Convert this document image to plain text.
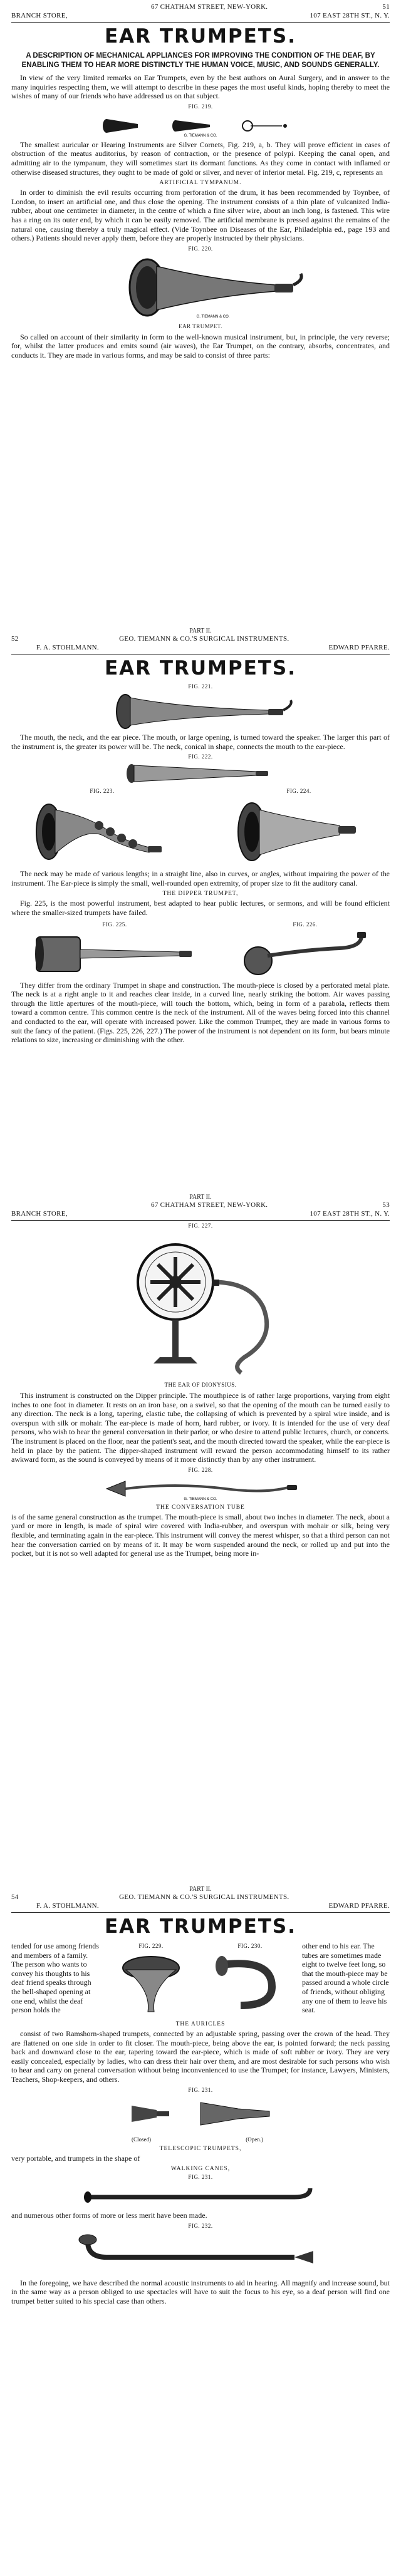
67 CHATHAM STREET, NEW-YORK.	51
BRANCH STORE,	107 EAST 28TH ST., N. Y.
EAR TRUMPETS.
A DESCRIPTION OF MECHANICAL APPLIANCES FOR IMPROVING THE CONDITION OF THE DEAF, BY ENABLING THEM TO HEAR MORE DISTINCTLY THE HUMAN VOICE, MUSIC, AND SOUNDS GENERALLY.

In view of the very limited remarks on Ear Trumpets, even by the best authors on Aural Surgery, and in answer to the many inquiries respecting them, we will attempt to describe in these pages the most useful kinds, hoping thereby to meet the wishes of many of our friends who have addressed us on that subject.

FIG. 219.
G. TIEMANN & CO.

The smallest auricular or Hearing Instruments are Silver Cornets, Fig. 219, a, b. They will prove efficient in cases of obstruction of the meatus auditorius, by reason of contraction, or the presence of polypi. Keeping the canal open, and admitting air to the tympanum, they will sometimes start its dormant functions. As they come in contact with inflamed or otherwise diseased structures, they ought to be made of gold or silver, and never of inferior metal. Fig. 219, c, represents an

ARTIFICIAL TYMPANUM.

In order to diminish the evil results occurring from perforation of the drum, it has been recommended by Toynbee, of London, to insert an artificial one, and thus close the opening. The instrument consists of a thin plate of vulcanized India-rubber, about one centimeter in diameter, in the centre of which a fine silver wire, about an inch long, is fastened. This wire has a ring on its outer end, by which it can be easily removed. The artificial membrane is pressed against the remains of the natural one, causing thereby a truly magical effect. (Vide Toynbee on Diseases of the Ear, Philadelphia ed., page 193 and others.) Patients should never apply them, before they are properly instructed by their physicians.

FIG. 220.
G. TIEMANN & CO.
EAR TRUMPET.

So called on account of their similarity in form to the well-known musical instrument, but, in principle, the very reverse; for, whilst the latter produces and emits sound (air waves), the Ear Trumpet, on the contrary, absorbs, concentrates, and conducts it. They are made in various forms, and may be said to consist of three parts:

PART II.
52	GEO. TIEMANN & CO.'S SURGICAL INSTRUMENTS.
F. A. STOHLMANN.	EDWARD PFARRE.
EAR TRUMPETS.
FIG. 221.

The mouth, the neck, and the ear piece. The mouth, or large opening, is turned toward the speaker. The larger this part of the instrument is, the greater its power will be. The neck, conical in shape, connects the mouth to the ear-piece.

FIG. 222.
FIG. 223.	FIG. 224.

The neck may be made of various lengths; in a straight line, also in curves, or angles, without impairing the power of the instrument. The Ear-piece is simply the small, well-rounded open extremity, of proper size to fit the auditory canal.

THE DIPPER TRUMPET,

Fig. 225, is the most powerful instrument, best adapted to hear public lectures, or sermons, and will be found efficient where the smaller-sized trumpets have failed.

FIG. 225.	FIG. 226.

They differ from the ordinary Trumpet in shape and construction. The mouth-piece is closed by a perforated metal plate. The neck is at a right angle to it and reaches clear inside, in a curved line, nearly striking the bottom. Air waves passing through the little apertures of the mouth-piece, will touch the bottom, which, being in form of a parabola, reflects them toward a common centre. This common centre is the neck of the instrument. All of the waves being forced into this channel and conducted to the ear, will operate with increased power. Like the common Trumpet, they are made in various forms to suit the fancy of the patient. (Figs. 225, 226, 227.) The power of the instrument is not dependent on its form, but bears minute relations to size, increasing or diminishing with the other.

PART II.
67 CHATHAM STREET, NEW-YORK.	53
BRANCH STORE,	107 EAST 28TH ST., N. Y.
FIG. 227.
THE EAR OF DIONYSIUS.

This instrument is constructed on the Dipper principle. The mouthpiece is of rather large proportions, varying from eight inches to one foot in diameter. It rests on an iron base, on a swivel, so that the opening of the mouth can be turned easily to any direction. The neck is a long, tapering, elastic tube, the collapsing of which is prevented by a spiral wire inside, and is overspun with silk or mohair. The ear-piece is made of horn, hard rubber, or ivory. It is intended for the use of very deaf persons, who wish to hear the general conversation in their parlor, or who desire to attend public lectures, church, or concerts. The instrument is placed on the floor, near the patient's seat, and the mouth directed toward the speaker, while the ear-piece is held in place by the patient. The dipper-shaped instrument will reward the person accommodating himself to its rather awkward form, as the sound is conveyed by means of it more distinctly than by any other instrument.

FIG. 228.
G. TIEMANN & CO.
THE CONVERSATION TUBE

is of the same general construction as the trumpet. The mouth-piece is small, about two inches in diameter. The neck, about a yard or more in length, is made of spiral wire covered with India-rubber, and overspun with mohair or silk, being very flexible, and terminating again in the ear-piece. This instrument will convey the merest whisper, so that a third person can not hear the conversation carried on by means of it. It may be worn suspended around the neck, or rolled up and put into the pocket, but it is not so well adapted for general use as the Trumpet, being more in-

PART II.
54	GEO. TIEMANN & CO.'S SURGICAL INSTRUMENTS.
F. A. STOHLMANN.	EDWARD PFARRE.
EAR TRUMPETS.

tended for use among friends and members of a family. The person who wants to convey his thoughts to his deaf friend speaks through the bell-shaped opening at one end, whilst the deaf person holds the

FIG. 229.	FIG. 230.	other end to his ear. The tubes are sometimes made eight to twelve feet long, so that the mouth-piece may be passed around a whole circle of friends, without obliging any one of them to leave his seat.

THE AURICLES

consist of two Ramshorn-shaped trumpets, connected by an adjustable spring, passing over the crown of the head. They are flattened on one side in order to fit closer. The mouth-piece, being above the ear, is pointed forward; the neck passing back and downward close to the ear, tapering toward the ear-piece, which is made of soft rubber or ivory. They are very easily concealed, especially by ladies, who can dress their hair over them, and are most desirable for such persons who wish to hear and carry on general conversation without being inconvenienced to use the Trumpet; for instance, Lawyers, Ministers, Teachers, Shop-keepers, and others.

FIG. 231.
(Closed)	(Open.)
TELESCOPIC TRUMPETS,

very portable, and trumpets in the shape of

WALKING CANES,
FIG. 231.

and numerous other forms of more or less merit have been made.

FIG. 232.

In the foregoing, we have described the normal acoustic instruments to aid in hearing. All magnify and increase sound, but in the same way as a person obliged to use spectacles will have to suit the focus to his eye, so a deaf person will find one trumpet better suited to his special case than others.
